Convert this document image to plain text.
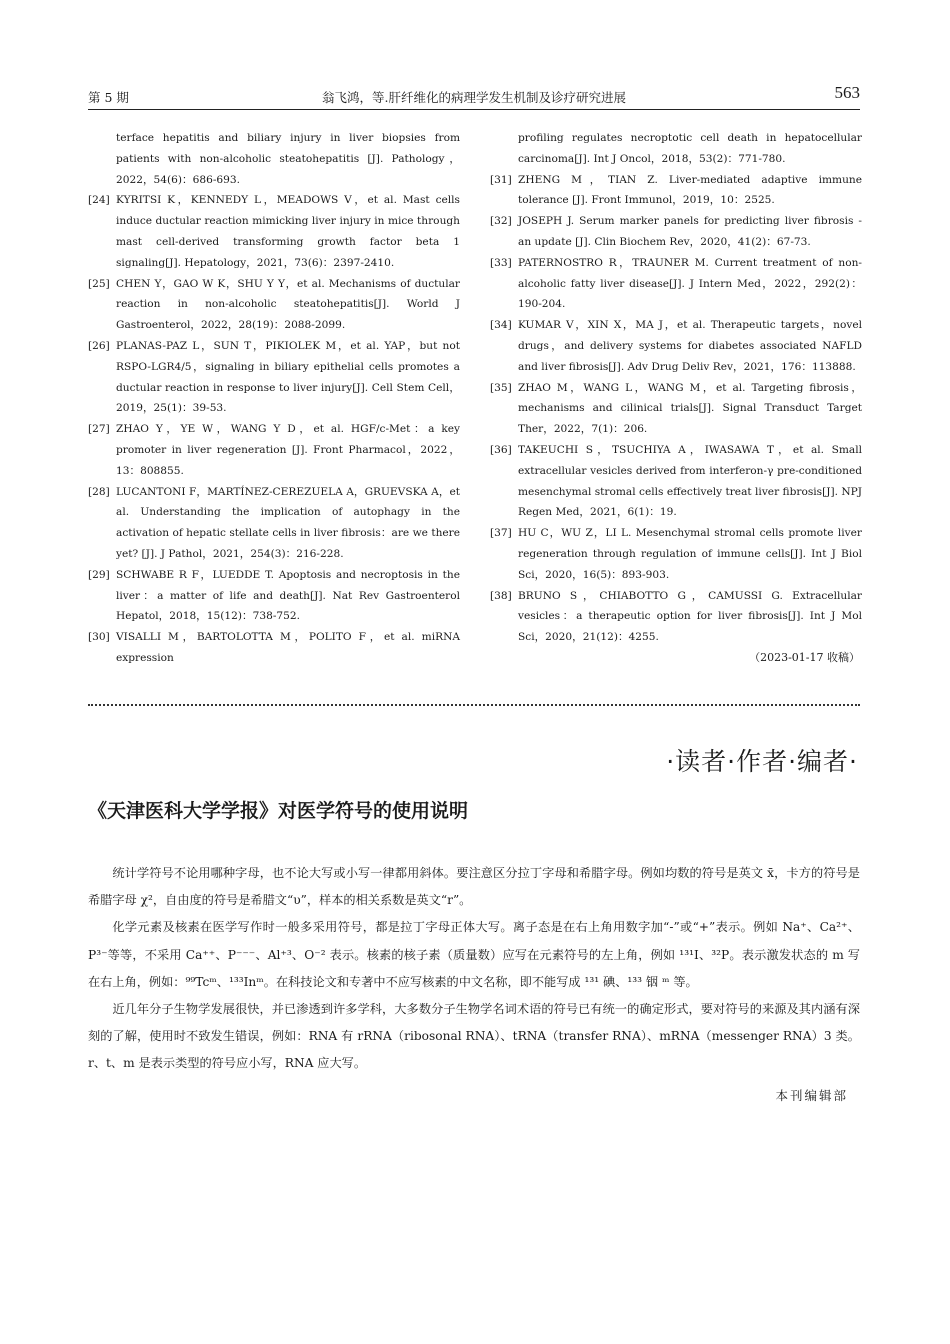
第 5 期	翁飞鸿，等.肝纤维化的病理学发生机制及诊疗研究进展	563
terface hepatitis and biliary injury in liver biopsies from patients with non-alcoholic steatohepatitis [J]. Pathology，2022，54(6)：686-693.
[24] KYRITSI K，KENNEDY L，MEADOWS V，et al. Mast cells induce ductular reaction mimicking liver injury in mice through mast cell-derived transforming growth factor beta 1 signaling[J]. Hepatology，2021，73(6)：2397-2410.
[25] CHEN Y，GAO W K，SHU Y Y，et al. Mechanisms of ductular reaction in non-alcoholic steatohepatitis[J]. World J Gastroenterol，2022，28(19)：2088-2099.
[26] PLANAS-PAZ L，SUN T，PIKIOLEK M，et al. YAP，but not RSPO-LGR4/5，signaling in biliary epithelial cells promotes a ductular reaction in response to liver injury[J]. Cell Stem Cell，2019，25(1)：39-53.
[27] ZHAO Y，YE W，WANG Y D，et al. HGF/c-Met：a key promoter in liver regeneration [J]. Front Pharmacol，2022，13：808855.
[28] LUCANTONI F，MARTÍNEZ-CEREZUELA A，GRUEVSKA A，et al. Understanding the implication of autophagy in the activation of hepatic stellate cells in liver fibrosis：are we there yet? [J]. J Pathol，2021，254(3)：216-228.
[29] SCHWABE R F，LUEDDE T. Apoptosis and necroptosis in the liver：a matter of life and death[J]. Nat Rev Gastroenterol Hepatol，2018，15(12)：738-752.
[30] VISALLI M，BARTOLOTTA M，POLITO F，et al. miRNA expression
profiling regulates necroptotic cell death in hepatocellular carcinoma[J]. Int J Oncol，2018，53(2)：771-780.
[31] ZHENG M，TIAN Z. Liver-mediated adaptive immune tolerance [J]. Front Immunol，2019，10：2525.
[32] JOSEPH J. Serum marker panels for predicting liver fibrosis - an update [J]. Clin Biochem Rev，2020，41(2)：67-73.
[33] PATERNOSTRO R，TRAUNER M. Current treatment of non-alcoholic fatty liver disease[J]. J Intern Med，2022，292(2)：190-204.
[34] KUMAR V，XIN X，MA J，et al. Therapeutic targets，novel drugs，and delivery systems for diabetes associated NAFLD and liver fibrosis[J]. Adv Drug Deliv Rev，2021，176：113888.
[35] ZHAO M，WANG L，WANG M，et al. Targeting fibrosis，mechanisms and cilinical trials[J]. Signal Transduct Target Ther，2022，7(1)：206.
[36] TAKEUCHI S，TSUCHIYA A，IWASAWA T，et al. Small extracellular vesicles derived from interferon-γ pre-conditioned mesenchymal stromal cells effectively treat liver fibrosis[J]. NPJ Regen Med，2021，6(1)：19.
[37] HU C，WU Z，LI L. Mesenchymal stromal cells promote liver regeneration through regulation of immune cells[J]. Int J Biol Sci，2020，16(5)：893-903.
[38] BRUNO S，CHIABOTTO G，CAMUSSI G. Extracellular vesicles：a therapeutic option for liver fibrosis[J]. Int J Mol Sci，2020，21(12)：4255.
（2023-01-17 收稿）
·读者·作者·编者·
《天津医科大学学报》对医学符号的使用说明

统计学符号不论用哪种字母，也不论大写或小写一律都用斜体。要注意区分拉丁字母和希腊字母。例如均数的符号是英文 x̄，卡方的符号是希腊字母 χ²，自由度的符号是希腊文“υ”，样本的相关系数是英文“r”。

化学元素及核素在医学写作时一般多采用符号，都是拉丁字母正体大写。离子态是在右上角用数字加“-”或“+”表示。例如 Na⁺、Ca²⁺、P³⁻等等，不采用 Ca⁺⁺、P⁻⁻⁻、Al⁺³、O⁻² 表示。核素的核子素（质量数）应写在元素符号的左上角，例如 ¹³¹I、³²P。表示激发状态的 m 写在右上角，例如：⁹⁹Tcᵐ、¹³³Inᵐ。在科技论文和专著中不应写核素的中文名称，即不能写成 ¹³¹ 碘、¹³³ 铟 ᵐ 等。

近几年分子生物学发展很快，并已渗透到许多学科，大多数分子生物学名词术语的符号已有统一的确定形式，要对符号的来源及其内涵有深刻的了解，使用时不致发生错误，例如：RNA 有 rRNA（ribosonal RNA）、tRNA（transfer RNA）、mRNA（messenger RNA）3 类。r、t、m 是表示类型的符号应小写，RNA 应大写。

本刊编辑部
